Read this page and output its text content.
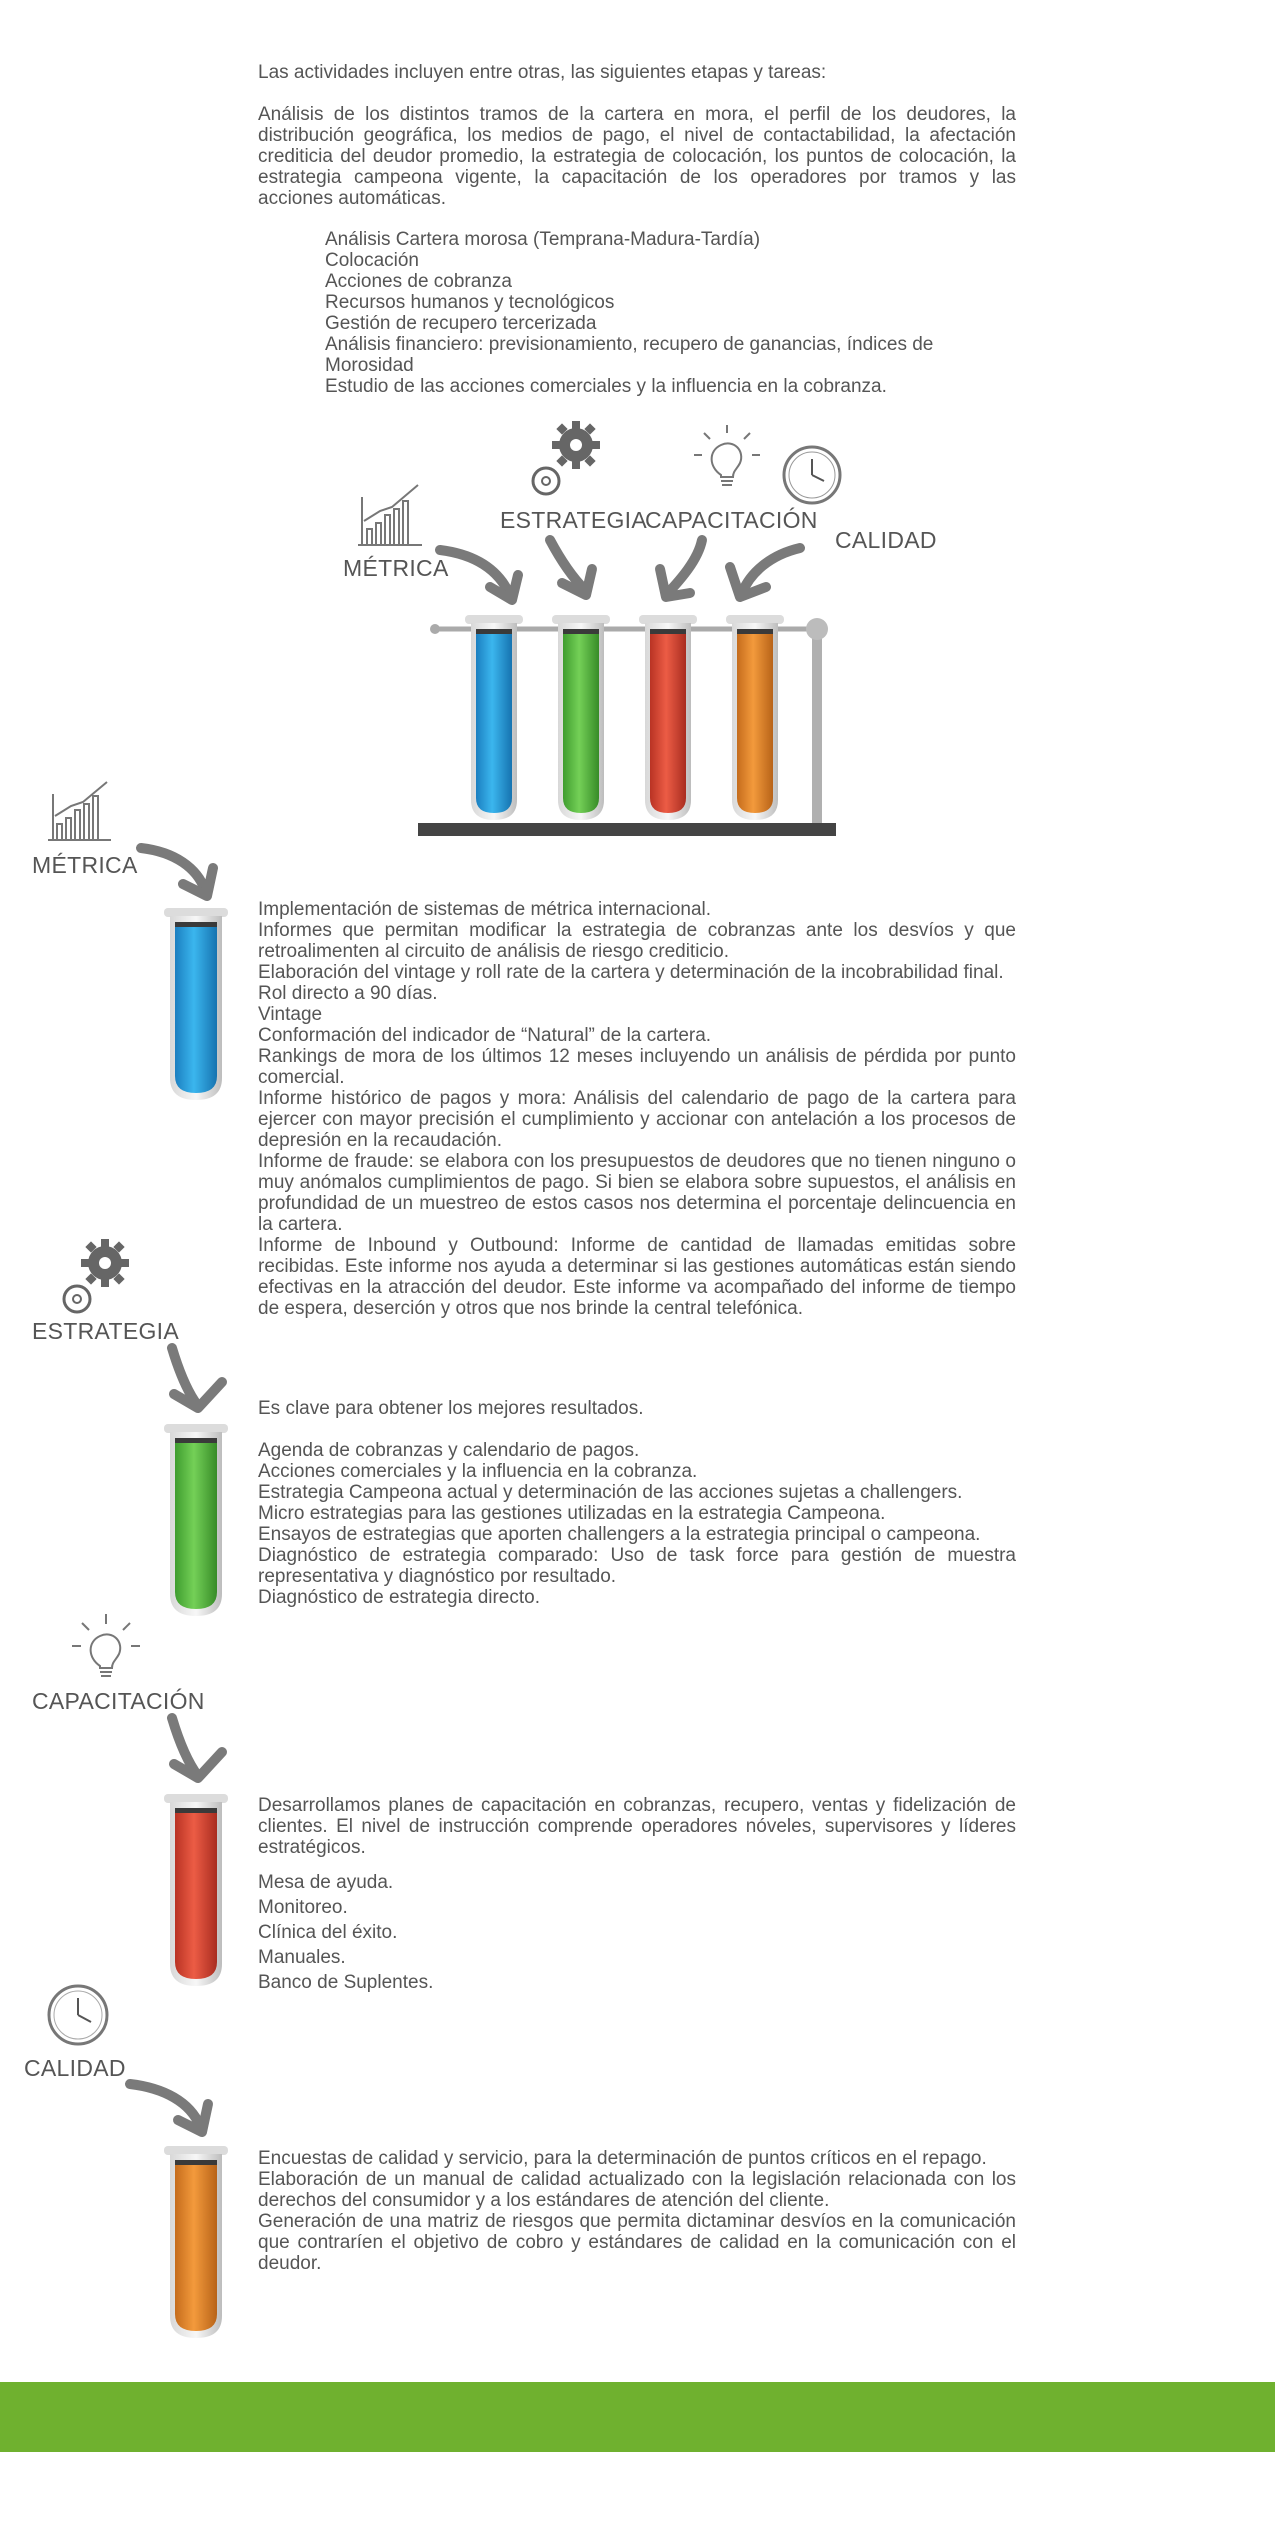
Las actividades incluyen entre otras, las siguientes etapas y tareas:
Análisis de los distintos tramos de la cartera en mora, el perfil de los deudores, la distribución geográfica, los medios de pago, el nivel de contactabilidad, la afectación crediticia del deudor promedio, la estrategia de colocación, los puntos de colocación, la estrategia campeona vigente, la capacitación de los operadores por tramos y las acciones automáticas.
Análisis Cartera morosa (Temprana-Madura-Tardía)
Colocación
Acciones de cobranza
Recursos humanos y tecnológicos
Gestión de recupero tercerizada
Análisis financiero: previsionamiento, recupero de ganancias, índices de
Morosidad
Estudio de las acciones comerciales y la influencia en la cobranza.
MÉTRICA
ESTRATEGIA
CAPACITACIÓN
CALIDAD
MÉTRICA
Implementación de sistemas de métrica internacional.
Informes que permitan modificar la estrategia de cobranzas ante los desvíos y que retroalimenten al circuito de análisis de riesgo crediticio.
Elaboración del vintage y roll rate de la cartera y determinación de la incobrabilidad final.
Rol directo a 90 días.
Vintage
Conformación del indicador de “Natural” de la cartera.
Rankings de mora de los últimos 12 meses incluyendo un análisis de pérdida por punto comercial.
Informe histórico de pagos y mora: Análisis del calendario de pago de la cartera para ejercer con mayor precisión el cumplimiento y accionar con antelación a los procesos de depresión en la recaudación.
Informe de fraude: se elabora con los presupuestos de deudores que no tienen ninguno o muy anómalos cumplimientos de pago. Si bien se elabora sobre supuestos, el análisis en profundidad de un muestreo de estos casos nos determina el porcentaje delincuencia en la cartera.
Informe de Inbound y Outbound: Informe de cantidad de llamadas emitidas sobre recibidas. Este informe nos ayuda a determinar si las gestiones automáticas están siendo efectivas en la atracción del deudor. Este informe va acompañado del informe de tiempo de espera, deserción y otros que nos brinde la central telefónica.
ESTRATEGIA
Es clave para obtener los mejores resultados.
Agenda de cobranzas y calendario de pagos.
Acciones comerciales y la influencia en la cobranza.
Estrategia Campeona actual y determinación de las acciones sujetas a challengers.
Micro estrategias para las gestiones utilizadas en la estrategia Campeona.
Ensayos de estrategias que aporten challengers a la estrategia principal o campeona.
Diagnóstico de estrategia comparado: Uso de task force para gestión de muestra representativa y diagnóstico por resultado.
Diagnóstico de estrategia directo.
CAPACITACIÓN
Desarrollamos planes de capacitación en cobranzas, recupero, ventas y fidelización de clientes. El nivel de instrucción comprende operadores nóveles, supervisores y líderes estratégicos.
Mesa de ayuda.
Monitoreo.
Clínica del éxito.
Manuales.
Banco de Suplentes.
CALIDAD
Encuestas de calidad y servicio, para la determinación de puntos críticos en el repago.
Elaboración de un manual de calidad actualizado con la legislación relacionada con los derechos del consumidor y a los estándares de atención del cliente.
Generación de una matriz de riesgos que permita dictaminar desvíos en la comunicación que contraríen el objetivo de cobro y estándares de calidad en la comunicación con el deudor.
